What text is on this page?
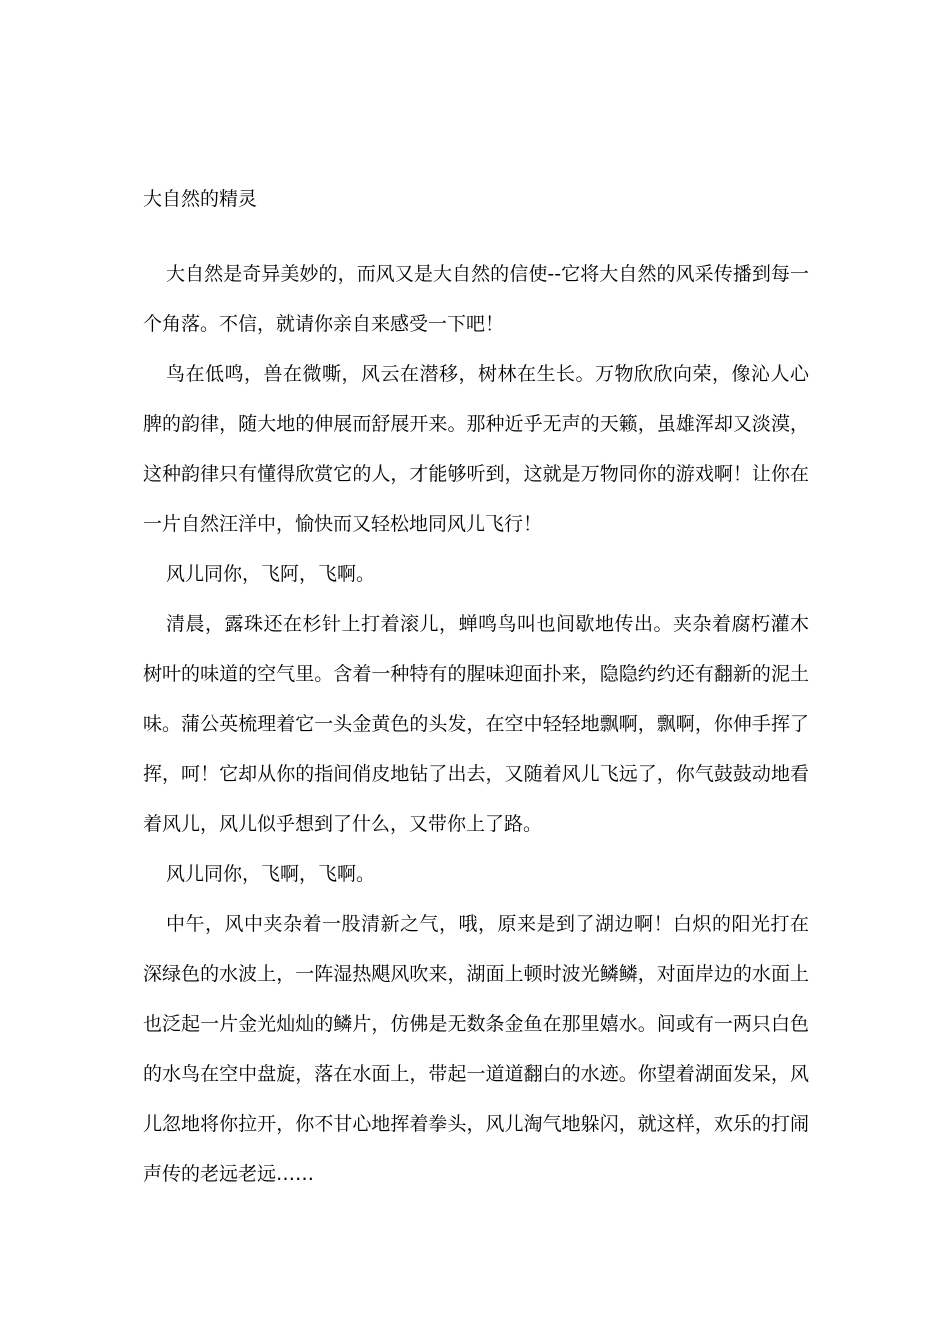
大自然的精灵

大自然是奇异美妙的，而风又是大自然的信使--它将大自然的风采传播到每一个角落。不信，就请你亲自来感受一下吧！

鸟在低鸣，兽在微嘶，风云在潜移，树林在生长。万物欣欣向荣，像沁人心脾的韵律，随大地的伸展而舒展开来。那种近乎无声的天籁，虽雄浑却又淡漠，这种韵律只有懂得欣赏它的人，才能够听到，这就是万物同你的游戏啊！让你在一片自然汪洋中，愉快而又轻松地同风儿飞行！

风儿同你，飞阿，飞啊。

清晨，露珠还在杉针上打着滚儿，蝉鸣鸟叫也间歇地传出。夹杂着腐朽灌木树叶的味道的空气里。含着一种特有的腥味迎面扑来，隐隐约约还有翻新的泥土味。蒲公英梳理着它一头金黄色的头发，在空中轻轻地飘啊，飘啊，你伸手挥了挥，呵！它却从你的指间俏皮地钻了出去，又随着风儿飞远了，你气鼓鼓动地看着风儿，风儿似乎想到了什么，又带你上了路。

风儿同你，飞啊，飞啊。

中午，风中夹杂着一股清新之气，哦，原来是到了湖边啊！白炽的阳光打在深绿色的水波上，一阵湿热飓风吹来，湖面上顿时波光鳞鳞，对面岸边的水面上也泛起一片金光灿灿的鳞片，仿佛是无数条金鱼在那里嬉水。间或有一两只白色的水鸟在空中盘旋，落在水面上，带起一道道翻白的水迹。你望着湖面发呆，风儿忽地将你拉开，你不甘心地挥着拳头，风儿淘气地躲闪，就这样，欢乐的打闹声传的老远老远……
